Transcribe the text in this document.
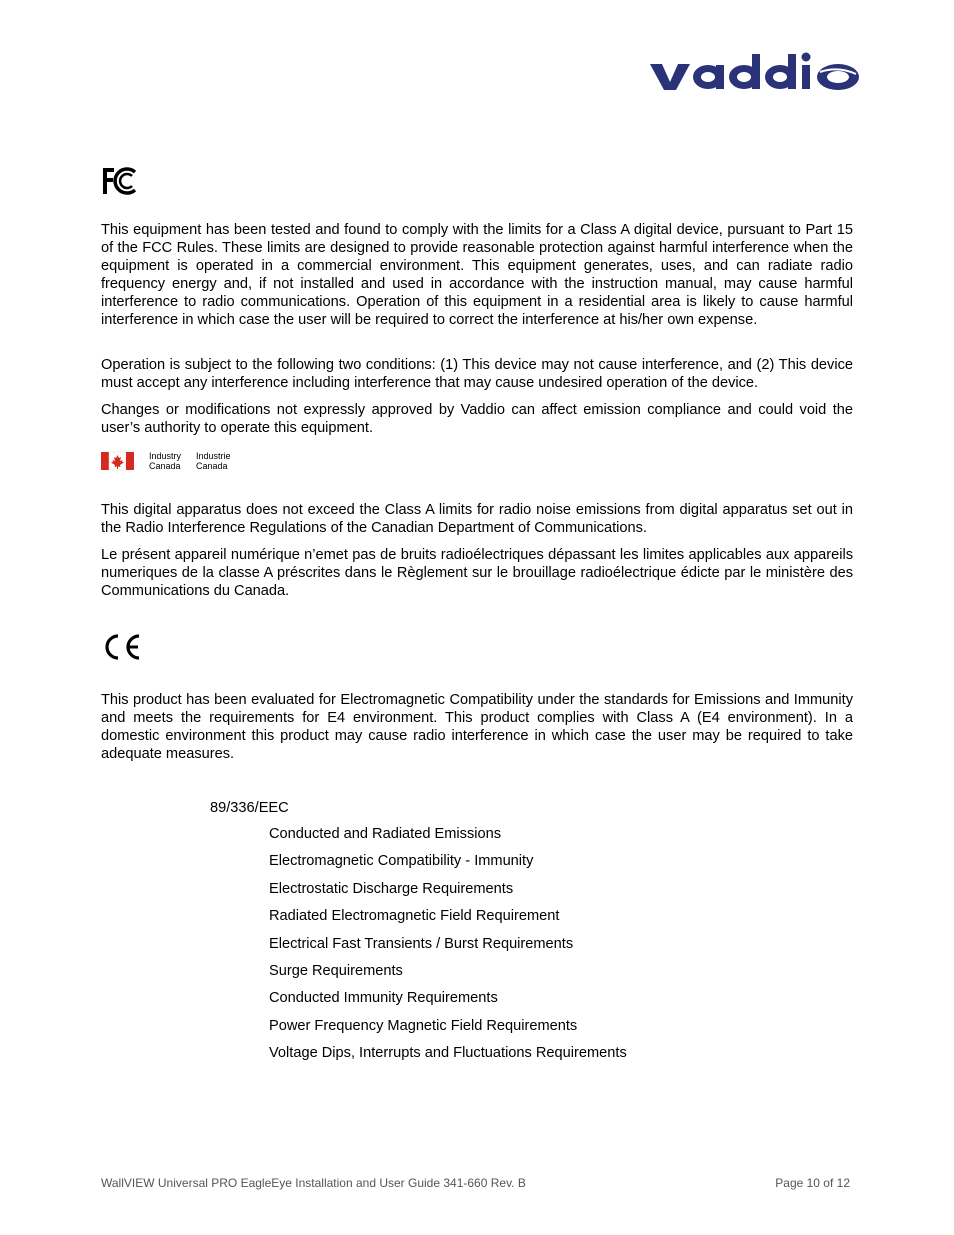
This equipment has been tested and found to comply with the limits for a Class A digital device, pursuant to Part 15 of the FCC Rules. These limits are designed to provide reasonable protection against harmful interference when the equipment is operated in a commercial environment. This equipment generates, uses, and can radiate radio frequency energy and, if not installed and used in accordance with the instruction manual, may cause harmful interference to radio communications. Operation of this equipment in a residential area is likely to cause harmful interference in which case the user will be required to correct the interference at his/her own expense.

Operation is subject to the following two conditions: (1) This device may not cause interference, and (2) This device must accept any interference including interference that may cause undesired operation of the device.

Changes or modifications not expressly approved by Vaddio can affect emission compliance and could void the user’s authority to operate this equipment.

Industry
Canada
Industrie
Canada

This digital apparatus does not exceed the Class A limits for radio noise emissions from digital apparatus set out in the Radio Interference Regulations of the Canadian Department of Communications.

Le présent appareil numérique n’emet pas de bruits radioélectriques dépassant les limites applicables aux appareils numeriques de la classe A préscrites dans le Règlement sur le brouillage radioélectrique édicte par le ministère des Communications du Canada.

This product has been evaluated for Electromagnetic Compatibility under the standards for Emissions and Immunity and meets the requirements for E4 environment. This product complies with Class A (E4 environment). In a domestic environment this product may cause radio interference in which case the user may be required to take adequate measures.

89/336/EEC
Conducted and Radiated Emissions
Electromagnetic Compatibility - Immunity
Electrostatic Discharge Requirements
Radiated Electromagnetic Field Requirement
Electrical Fast Transients / Burst Requirements
Surge Requirements
Conducted Immunity Requirements
Power Frequency Magnetic Field Requirements
Voltage Dips, Interrupts and Fluctuations Requirements
WallVIEW Universal PRO EagleEye Installation and User Guide 341-660 Rev. B	Page 10 of 12
